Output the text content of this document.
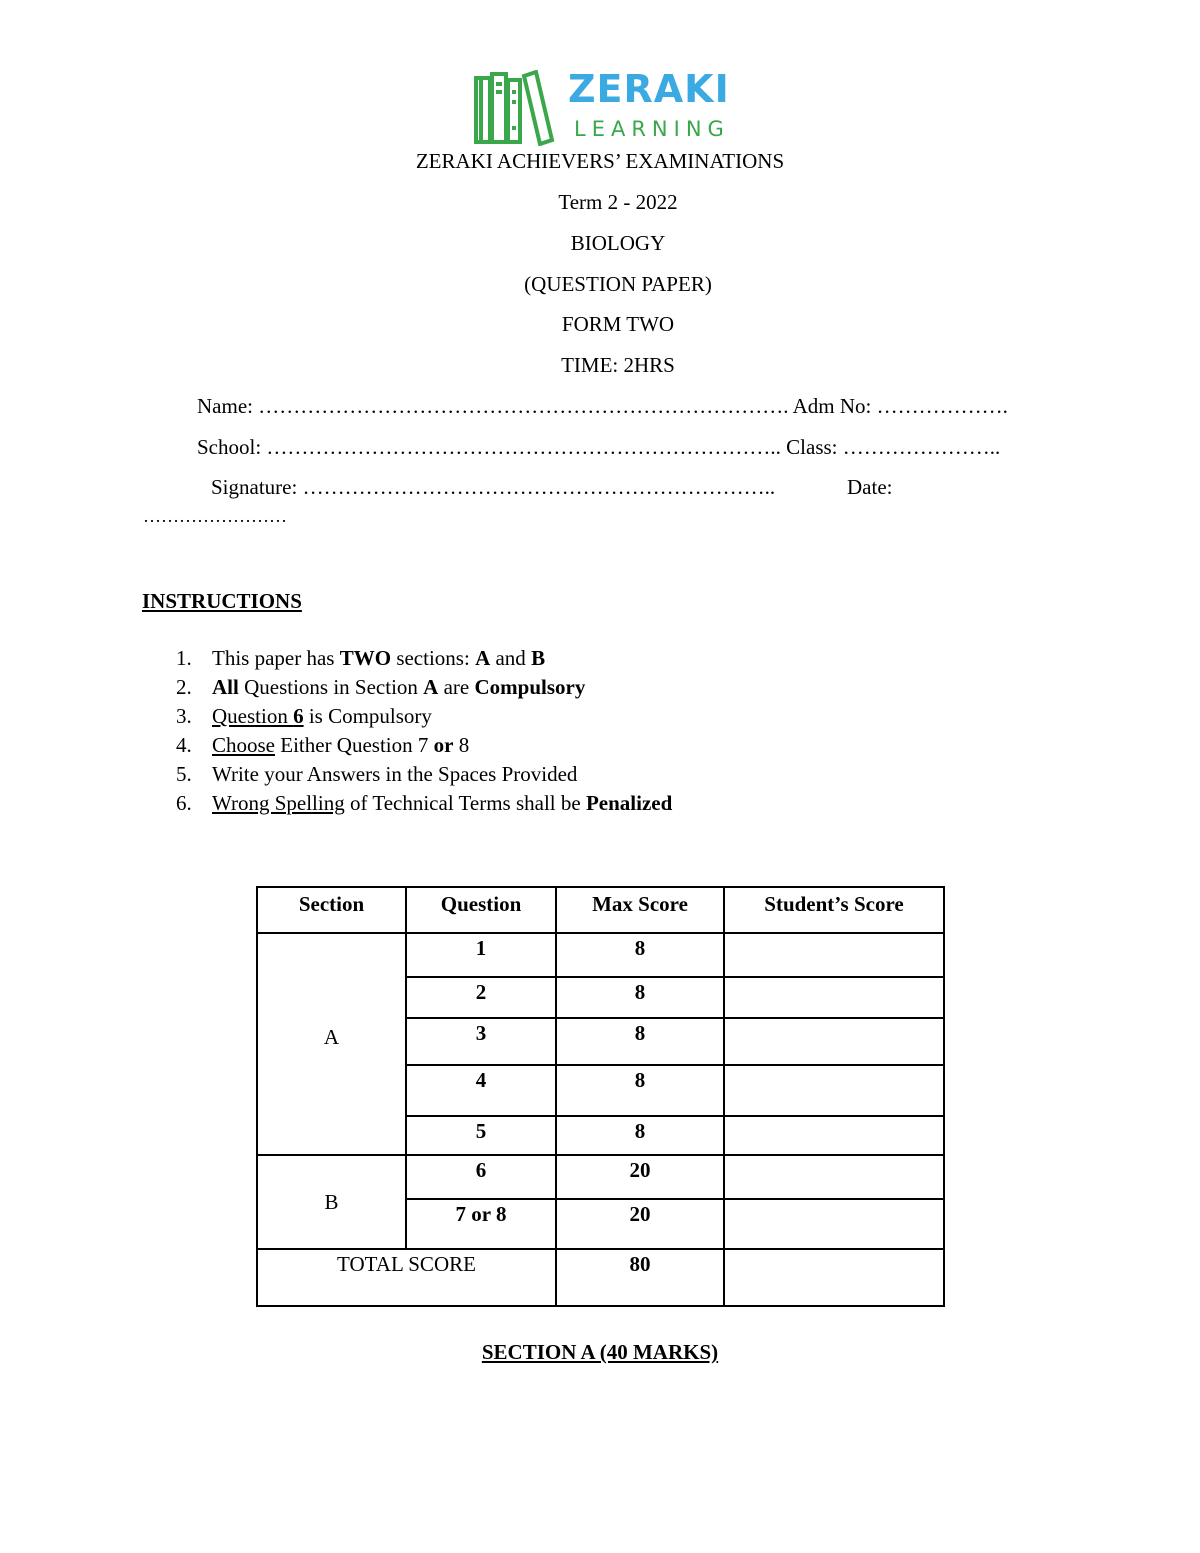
ZERAKI
LEARNING
ZERAKI ACHIEVERS’ EXAMINATIONS
Term 2 - 2022
BIOLOGY
(QUESTION PAPER)
FORM TWO
TIME: 2HRS
Name: …………………………………………………………………. Adm No: ……………….
School: ……………………………………………………………….. Class: …………………..
Signature: …………………………………………………………..	Date:
……………………
INSTRUCTIONS
1. This paper has TWO sections: A and B
2. All Questions in Section A are Compulsory
3. Question 6 is Compulsory
4. Choose Either Question 7 or 8
5. Write your Answers in the Spaces Provided
6. Wrong Spelling of Technical Terms shall be Penalized
Section	Question	Max Score	Student’s Score
A	1	8	
	2	8	
	3	8	
	4	8	
	5	8	
B	6	20	
	7 or 8	20	
TOTAL SCORE		80	
SECTION A (40 MARKS)
